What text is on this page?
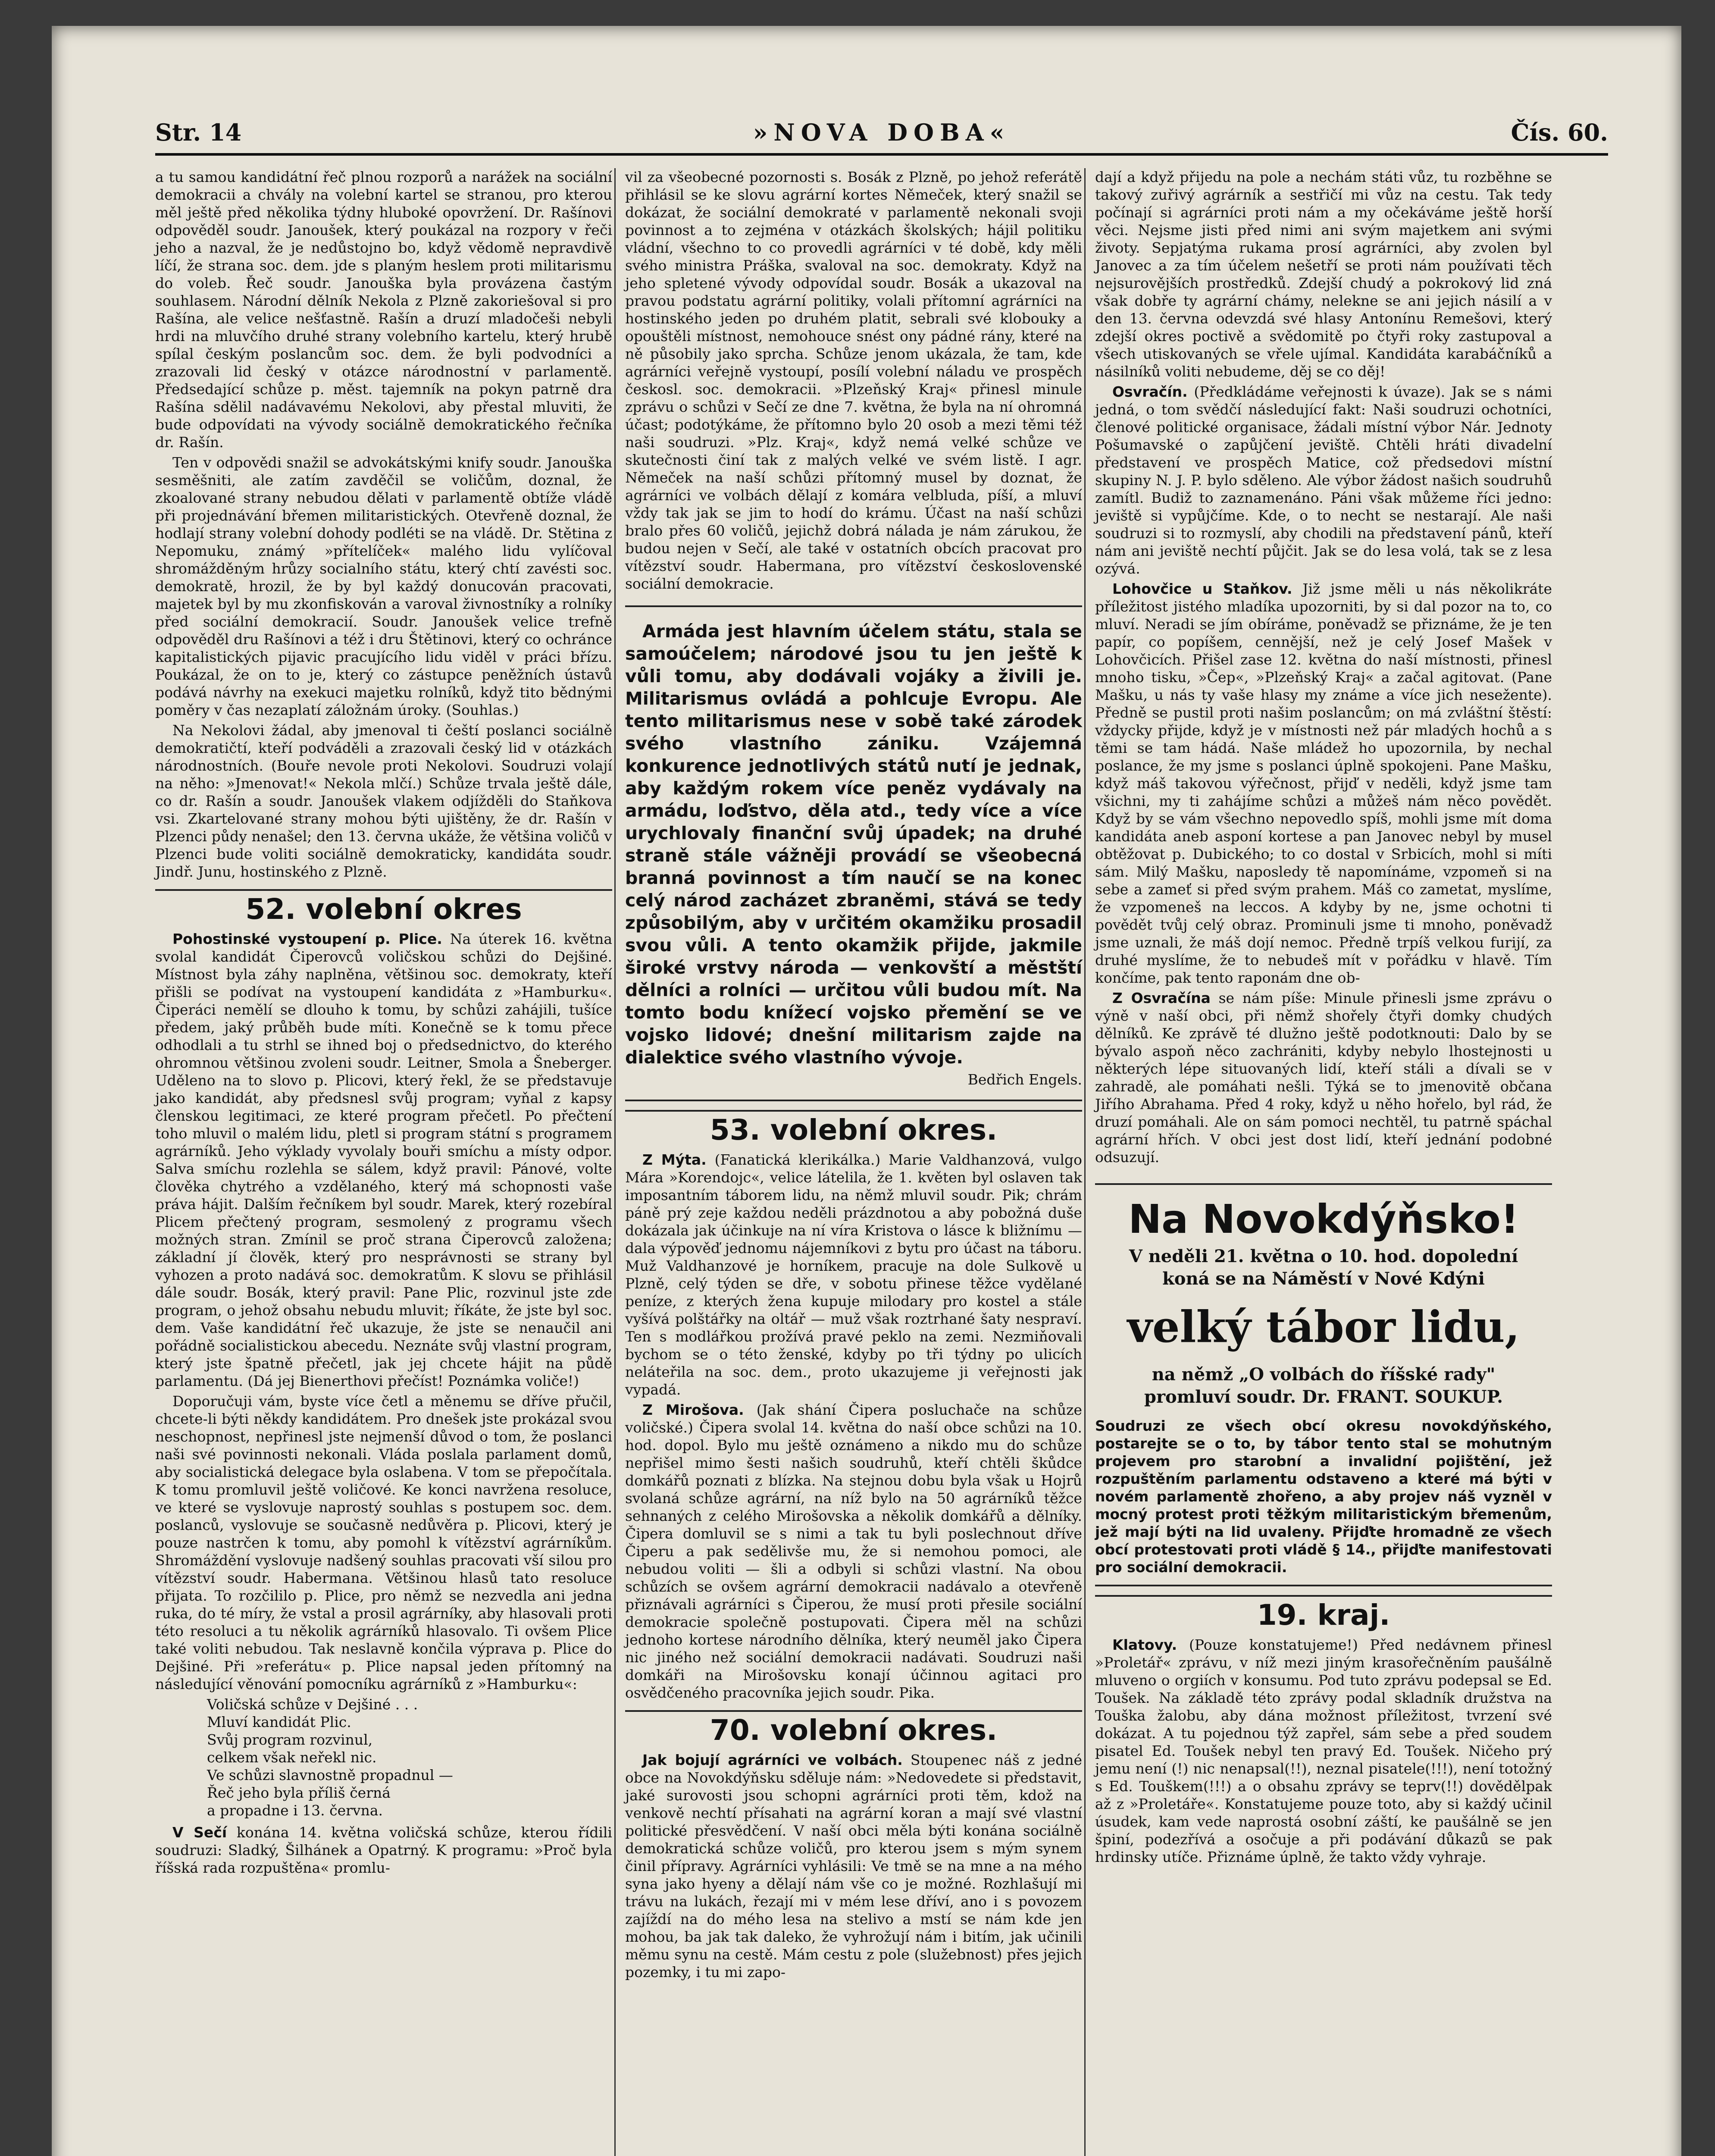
Str. 14	»NOVA DOBA«	Čís. 60.

a tu samou kandidátní řeč plnou rozporů a narážek na sociální demokracii a chvály na volební kartel se stranou, pro kterou měl ještě před několika týdny hluboké opovržení. Dr. Rašínovi odpověděl soudr. Janoušek, který poukázal na rozpory v řeči jeho a nazval, že je nedůstojno bo, když vědomě nepravdivě líčí, že strana soc. dem. jde s planým heslem proti militarismu do voleb. Řeč soudr. Janouška byla provázena častým souhlasem. Národní dělník Nekola z Plzně zakoriešoval si pro Rašína, ale velice nešťastně. Rašín a druzí mladočeši nebyli hrdi na mluvčího druhé strany volebního kartelu, který hrubě spílal českým poslancům soc. dem. že byli podvodníci a zrazovali lid český v otázce národnostní v parlamentě. Předsedající schůze p. měst. tajemník na pokyn patrně dra Rašína sdělil nadávavému Nekolovi, aby přestal mluviti, že bude odpovídati na vývody sociálně demokratického řečníka dr. Rašín.

Ten v odpovědi snažil se advokátskými knify soudr. Janouška sesměšniti, ale zatím zavděčil se voličům, doznal, že zkoalované strany nebudou dělati v parlamentě obtíže vládě při projednávání břemen militaristických. Otevřeně doznal, že hodlají strany volební dohody podléti se na vládě. Dr. Stětina z Nepomuku, známý »přítelíček« malého lidu vylíčoval shromážděným hrůzy socialního státu, který chtí zavésti soc. demokratě, hrozil, že by byl každý donucován pracovati, majetek byl by mu zkonfiskován a varoval živnostníky a rolníky před sociální demokracií. Soudr. Janoušek velice trefně odpověděl dru Rašínovi a též i dru Štětinovi, který co ochránce kapitalistických pijavic pracujícího lidu viděl v práci břízu. Poukázal, že on to je, který co zástupce peněžních ústavů podává návrhy na exekuci majetku rolníků, když tito bědnými poměry v čas nezaplatí záložnám úroky. (Souhlas.)

Na Nekolovi žádal, aby jmenoval ti čeští poslanci sociálně demokratičtí, kteří podváděli a zrazovali český lid v otázkách národnostních. (Bouře nevole proti Nekolovi. Soudruzi volají na něho: »Jmenovat!« Nekola mlčí.) Schůze trvala ještě dále, co dr. Rašín a soudr. Janoušek vlakem odjížděli do Staňkova vsi. Zkartelované strany mohou býti ujištěny, že dr. Rašín v Plzenci půdy nenašel; den 13. června ukáže, že většina voličů v Plzenci bude voliti sociálně demokraticky, kandidáta soudr. Jindř. Junu, hostinského z Plzně.

52. volební okres

Pohostinské vystoupení p. Plice. Na úterek 16. května svolal kandidát Čiperovců voličskou schůzi do Dejšiné. Místnost byla záhy naplněna, většinou soc. demokraty, kteří přišli se podívat na vystoupení kandidáta z »Hamburku«. Čiperáci nemělí se dlouho k tomu, by schůzi zahájili, tušíce předem, jaký průběh bude míti. Konečně se k tomu přece odhodlali a tu strhl se ihned boj o předsednictvo, do kterého ohromnou většinou zvoleni soudr. Leitner, Smola a Šneberger. Uděleno na to slovo p. Plicovi, který řekl, že se představuje jako kandidát, aby předsnesl svůj program; vyňal z kapsy členskou legitimaci, ze které program přečetl. Po přečtení toho mluvil o malém lidu, pletl si program státní s programem agrárníků. Jeho výklady vyvolaly bouři smíchu a místy odpor. Salva smíchu rozlehla se sálem, když pravil: Pánové, volte člověka chytrého a vzdělaného, který má schopnosti vaše práva hájit. Dalším řečníkem byl soudr. Marek, který rozebíral Plicem přečtený program, sesmolený z programu všech možných stran. Zmínil se proč strana Čiperovců založena; základní jí člověk, který pro nesprávnosti se strany byl vyhozen a proto nadává soc. demokratům. K slovu se přihlásil dále soudr. Bosák, který pravil: Pane Plic, rozvinul jste zde program, o jehož obsahu nebudu mluvit; říkáte, že jste byl soc. dem. Vaše kandidátní řeč ukazuje, že jste se nenaučil ani pořádně socialistickou abecedu. Neznáte svůj vlastní program, který jste špatně přečetl, jak jej chcete hájit na půdě parlamentu. (Dá jej Bienerthovi přečíst! Poznámka voliče!)

Doporučuji vám, byste více četl a měnemu se dříve přučil, chcete-li býti někdy kandidátem. Pro dnešek jste prokázal svou neschopnost, nepřinesl jste nejmenší důvod o tom, že poslanci naši své povinnosti nekonali. Vláda poslala parlament domů, aby socialistická delegace byla oslabena. V tom se přepočítala. K tomu promluvil ještě voličové. Ke konci navržena resoluce, ve které se vyslovuje naprostý souhlas s postupem soc. dem. poslanců, vyslovuje se současně nedůvěra p. Plicovi, který je pouze nastrčen k tomu, aby pomohl k vítězství agrárníkům. Shromáždění vyslovuje nadšený souhlas pracovati vší silou pro vítězství soudr. Habermana. Většinou hlasů tato resoluce přijata. To rozčililo p. Plice, pro němž se nezvedla ani jedna ruka, do té míry, že vstal a prosil agrárníky, aby hlasovali proti této resoluci a tu několik agrárníků hlasovalo. Ti ovšem Plice také voliti nebudou. Tak neslavně končila výprava p. Plice do Dejšiné. Při »referátu« p. Plice napsal jeden přítomný na následující věnování pomocníku agrárníků z »Hamburku«:

Voličská schůze v Dejšiné . . .
Mluví kandidát Plic.
Svůj program rozvinul,
celkem však neřekl nic.
Ve schůzi slavnostně propadnul —
Řeč jeho byla příliš černá
a propadne i 13. června.

V Sečí konána 14. května voličská schůze, kterou řídili soudruzi: Sladký, Šilhánek a Opatrný. K programu: »Proč byla říšská rada rozpuštěna« promlu-

vil za všeobecné pozornosti s. Bosák z Plzně, po jehož referátě přihlásil se ke slovu agrární kortes Němeček, který snažil se dokázat, že sociální demokraté v parlamentě nekonali svoji povinnost a to zejména v otázkách školských; hájil politiku vládní, všechno to co provedli agrárníci v té době, kdy měli svého ministra Práška, svaloval na soc. demokraty. Když na jeho spletené vývody odpovídal soudr. Bosák a ukazoval na pravou podstatu agrární politiky, volali přítomní agrárníci na hostinského jeden po druhém platit, sebrali své klobouky a opouštěli místnost, nemohouce snést ony pádné rány, které na ně působily jako sprcha. Schůze jenom ukázala, že tam, kde agrárníci veřejně vystoupí, posílí volební náladu ve prospěch českosl. soc. demokracii. »Plzeňský Kraj« přinesl minule zprávu o schůzi v Sečí ze dne 7. května, že byla na ní ohromná účast; podotýkáme, že přítomno bylo 20 osob a mezi těmi též naši soudruzi. »Plz. Kraj«, když nemá velké schůze ve skutečnosti činí tak z malých velké ve svém listě. I agr. Němeček na naší schůzi přítomný musel by doznat, že agrárníci ve volbách dělají z komára velbluda, píší, a mluví vždy tak jak se jim to hodí do krámu. Účast na naší schůzi bralo přes 60 voličů, jejichž dobrá nálada je nám zárukou, že budou nejen v Sečí, ale také v ostatních obcích pracovat pro vítězství soudr. Habermana, pro vítězství československé sociální demokracie.

Armáda jest hlavním účelem státu, stala se samoúčelem; národové jsou tu jen ještě k vůli tomu, aby dodávali vojáky a živili je. Militarismus ovládá a pohlcuje Evropu. Ale tento militarismus nese v sobě také zárodek svého vlastního zániku. Vzájemná konkurence jednotlivých států nutí je jednak, aby každým rokem více peněz vydávaly na armádu, loďstvo, děla atd., tedy více a více urychlovaly finanční svůj úpadek; na druhé straně stále vážněji provádí se všeobecná branná povinnost a tím naučí se na konec celý národ zacházet zbraněmi, stává se tedy způsobilým, aby v určitém okamžiku prosadil svou vůli. A tento okamžik přijde, jakmile široké vrstvy národa — venkovští a městští dělníci a rolníci — určitou vůli budou mít. Na tomto bodu knížecí vojsko přemění se ve vojsko lidové; dnešní militarism zajde na dialektice svého vlastního vývoje.

Bedřich Engels.
53. volební okres.

Z Mýta. (Fanatická klerikálka.) Marie Valdhanzová, vulgo Mára »Korendojc«, velice látelila, že 1. květen byl oslaven tak imposantním táborem lidu, na němž mluvil soudr. Pik; chrám páně prý zeje každou neděli prázdnotou a aby pobožná duše dokázala jak účinkuje na ní víra Kristova o lásce k bližnímu — dala výpověď jednomu nájemníkovi z bytu pro účast na táboru. Muž Valdhanzové je horníkem, pracuje na dole Sulkově u Plzně, celý týden se dře, v sobotu přinese těžce vydělané peníze, z kterých žena kupuje milodary pro kostel a stále vyšívá polštářky na oltář — muž však roztrhané šaty nespraví. Ten s modlářkou prožívá pravé peklo na zemi. Nezmiňovali bychom se o této ženské, kdyby po tři týdny po ulicích neláteřila na soc. dem., proto ukazujeme ji veřejnosti jak vypadá.

Z Mirošova. (Jak shání Čipera posluchače na schůze voličské.) Čipera svolal 14. května do naší obce schůzi na 10. hod. dopol. Bylo mu ještě oznámeno a nikdo mu do schůze nepřišel mimo šesti našich soudruhů, kteří chtěli škůdce domkářů poznati z blízka. Na stejnou dobu byla však u Hojrů svolaná schůze agrární, na níž bylo na 50 agrárníků těžce sehnaných z celého Mirošovska a několik domkářů a dělníky. Čipera domluvil se s nimi a tak tu byli poslechnout dříve Čiperu a pak sedělivše mu, že si nemohou pomoci, ale nebudou voliti — šli a odbyli si schůzi vlastní. Na obou schůzích se ovšem agrární demokracii nadávalo a otevřeně přiznávali agrárníci s Čiperou, že musí proti přesile sociální demokracie společně postupovati. Čipera měl na schůzi jednoho kortese národního dělníka, který neuměl jako Čipera nic jiného než sociální demokracii nadávati. Soudruzi naši domkáři na Mirošovsku konají účinnou agitaci pro osvědčeného pracovníka jejich soudr. Pika.

70. volební okres.

Jak bojují agrárníci ve volbách. Stoupenec náš z jedné obce na Novokdýňsku sděluje nám: »Nedovedete si představit, jaké surovosti jsou schopni agrárníci proti těm, kdož na venkově nechtí přísahati na agrární koran a mají své vlastní politické přesvědčení. V naší obci měla býti konána sociálně demokratická schůze voličů, pro kterou jsem s mým synem činil přípravy. Agrárníci vyhlásili: Ve tmě se na mne a na mého syna jako hyeny a dělají nám vše co je možné. Rozhlašují mi trávu na lukách, řezají mi v mém lese dříví, ano i s povozem zajíždí na do mého lesa na stelivo a mstí se nám kde jen mohou, ba jak tak daleko, že vyhrožují nám i bitím, jak učinili měmu synu na cestě. Mám cestu z pole (služebnost) přes jejich pozemky, i tu mi zapo-

dají a když přijedu na pole a nechám státi vůz, tu rozběhne se takový zuřivý agrárník a sestřičí mi vůz na cestu. Tak tedy počínají si agrárníci proti nám a my očekáváme ještě horší věci. Nejsme jisti před nimi ani svým majetkem ani svými životy. Sepjatýma rukama prosí agrárníci, aby zvolen byl Janovec a za tím účelem nešetří se proti nám používati těch nejsurovějších prostředků. Zdejší chudý a pokrokový lid zná však dobře ty agrární chámy, nelekne se ani jejich násilí a v den 13. června odevzdá své hlasy Antonínu Remešovi, který zdejší okres poctivě a svědomitě po čtyři roky zastupoval a všech utiskovaných se vřele ujímal. Kandidáta karabáčníků a násilníků voliti nebudeme, děj se co děj!

Osvračín. (Předkládáme veřejnosti k úvaze). Jak se s námi jedná, o tom svědčí následující fakt: Naši soudruzi ochotníci, členové politické organisace, žádali místní výbor Nár. Jednoty Pošumavské o zapůjčení jeviště. Chtěli hráti divadelní představení ve prospěch Matice, což předsedovi místní skupiny N. J. P. bylo sděleno. Ale výbor žádost našich soudruhů zamítl. Budiž to zaznamenáno. Páni však můžeme říci jedno: jeviště si vypůjčíme. Kde, o to necht se nestarají. Ale naši soudruzi si to rozmyslí, aby chodili na představení pánů, kteří nám ani jeviště nechtí půjčit. Jak se do lesa volá, tak se z lesa ozývá.

Lohovčice u Staňkov. Již jsme měli u nás několikráte příležitost jistého mladíka upozorniti, by si dal pozor na to, co mluví. Neradi se jím obíráme, poněvadž se přiznáme, že je ten papír, co popíšem, cennější, než je celý Josef Mašek v Lohovčicích. Přišel zase 12. května do naší místnosti, přinesl mnoho tisku, »Čep«, »Plzeňský Kraj« a začal agitovat. (Pane Mašku, u nás ty vaše hlasy my známe a více jich nesežente). Předně se pustil proti našim poslancům; on má zvláštní štěstí: vždycky přijde, když je v místnosti než pár mladých hochů a s těmi se tam hádá. Naše mládež ho upozornila, by nechal poslance, že my jsme s poslanci úplně spokojeni. Pane Mašku, když máš takovou výřečnost, přijď v neděli, když jsme tam všichni, my ti zahájíme schůzi a můžeš nám něco povědět. Když by se vám všechno nepovedlo spíš, mohli jsme mít doma kandidáta aneb asponí kortese a pan Janovec nebyl by musel obtěžovat p. Dubického; to co dostal v Srbicích, mohl si míti sám. Milý Mašku, naposledy tě napomínáme, vzpomeň si na sebe a zameť si před svým prahem. Máš co zametat, myslíme, že vzpomeneš na leccos. A kdyby by ne, jsme ochotni ti povědět tvůj celý obraz. Prominuli jsme ti mnoho, poněvadž jsme uznali, že máš dojí nemoc. Předně trpíš velkou furijí, za druhé myslíme, že to nebudeš mít v pořádku v hlavě. Tím končíme, pak tento raponám dne ob-

Z Osvračína se nám píše: Minule přinesli jsme zprávu o výně v naší obci, při němž shořely čtyři domky chudých dělníků. Ke zprávě té dlužno ještě podotknouti: Dalo by se bývalo aspoň něco zachrániti, kdyby nebylo lhostejnosti u některých lépe situovaných lidí, kteří stáli a dívali se v zahradě, ale pomáhati nešli. Týká se to jmenovitě občana Jiřího Abrahama. Před 4 roky, když u něho hořelo, byl rád, že druzí pomáhali. Ale on sám pomoci nechtěl, tu patrně spáchal agrární hřích. V obci jest dost lidí, kteří jednání podobné odsuzují.

Na Novokdýňsko!
V neděli 21. května o 10. hod. dopolední
koná se na Náměstí v Nové Kdýni
velký tábor lidu,
na němž „O volbách do říšské rady"
promluví soudr. Dr. FRANT. SOUKUP.
Soudruzi ze všech obcí okresu novokdýňského, postarejte se o to, by tábor tento stal se mohutným projevem pro starobní a invalidní pojištění, jež rozpuštěním parlamentu odstaveno a které má býti v novém parlamentě zhořeno, a aby projev náš vyzněl v mocný protest proti těžkým militaristickým břemenům, jež mají býti na lid uvaleny. Přijďte hromadně ze všech obcí protestovati proti vládě § 14., přijďte manifestovati pro sociální demokracii.
19. kraj.

Klatovy. (Pouze konstatujeme!) Před nedávnem přinesl »Proletář« zprávu, v níž mezi jiným krasořečněním paušálně mluveno o orgiích v konsumu. Pod tuto zprávu podepsal se Ed. Toušek. Na základě této zprávy podal skladník družstva na Touška žalobu, aby dána možnost příležitost, tvrzení své dokázat. A tu pojednou týž zapřel, sám sebe a před soudem pisatel Ed. Toušek nebyl ten pravý Ed. Toušek. Ničeho prý jemu není (!) nic nenapsal(!!), neznal pisatele(!!!), není totožný s Ed. Touškem(!!!) a o obsahu zprávy se teprv(!!) dovědělpak až z »Proletáře«. Konstatujeme pouze toto, aby si každý učinil úsudek, kam vede naprostá osobní záští, ke paušálně se jen špiní, podezřívá a osočuje a při podávání důkazů se pak hrdinsky utíče. Přiznáme úplně, že takto vždy vyhraje.
